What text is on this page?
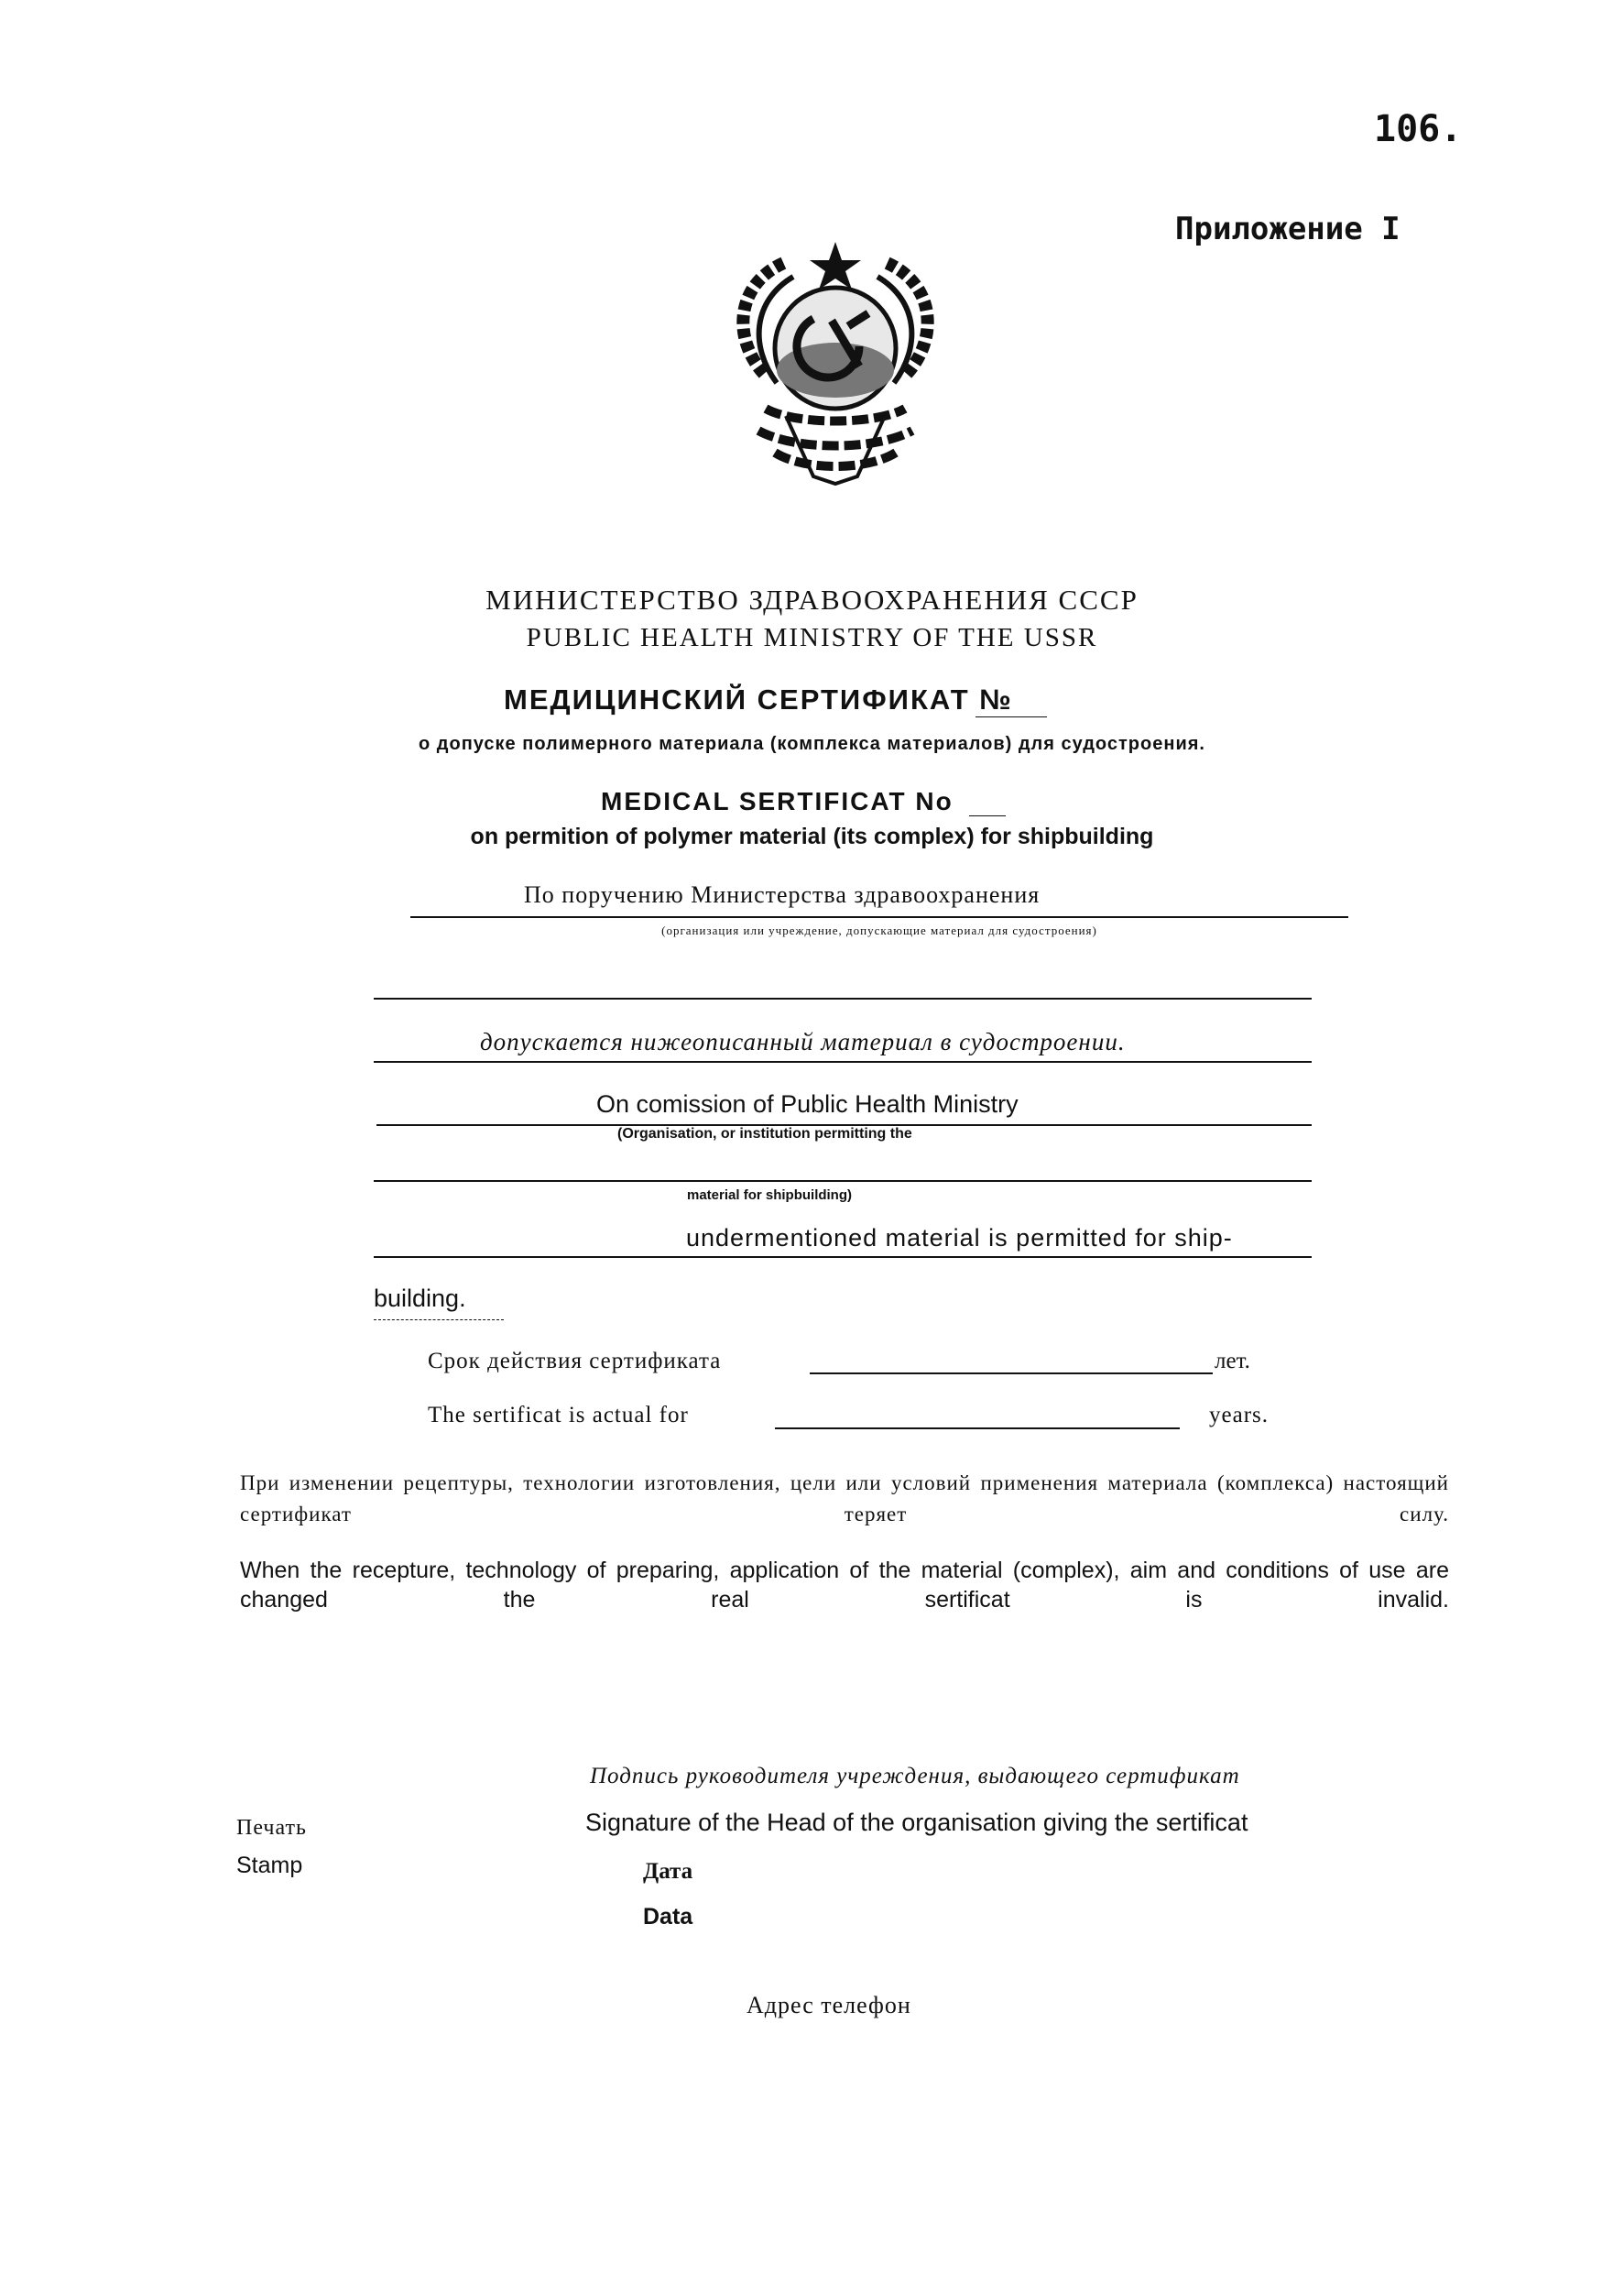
106.
Приложение I
МИНИСТЕРСТВО ЗДРАВООХРАНЕНИЯ СССР
PUBLIC HEALTH MINISTRY OF THE USSR
МЕДИЦИНСКИЙ СЕРТИФИКАТ №
о допуске полимерного материала (комплекса материалов) для судостроения.
MEDICAL SERTIFICAT No
on permition of polymer material (its complex) for shipbuilding
По поручению Министерства здравоохранения
(организация или учреждение, допускающие материал для судостроения)
допускается нижеописанный материал в судостроении.
On comission of Public Health Ministry
(Organisation, or institution permitting the
material for shipbuilding)
undermentioned material is permitted for ship-
building.
Срок действия сертификата	лет.
The sertificat is actual for	years.
При изменении рецептуры, технологии изготовления, цели или условий применения материала (комплекса) настоящий сертификат теряет силу.
When the recepture, technology of preparing, application of the material (complex), aim and conditions of use are changed the real sertificat is invalid.
Подпись руководителя учреждения, выдающего сертификат
Signature of the Head of the organisation giving the sertificat
Печать
Stamp	Дата
Data
Адрес телефон
